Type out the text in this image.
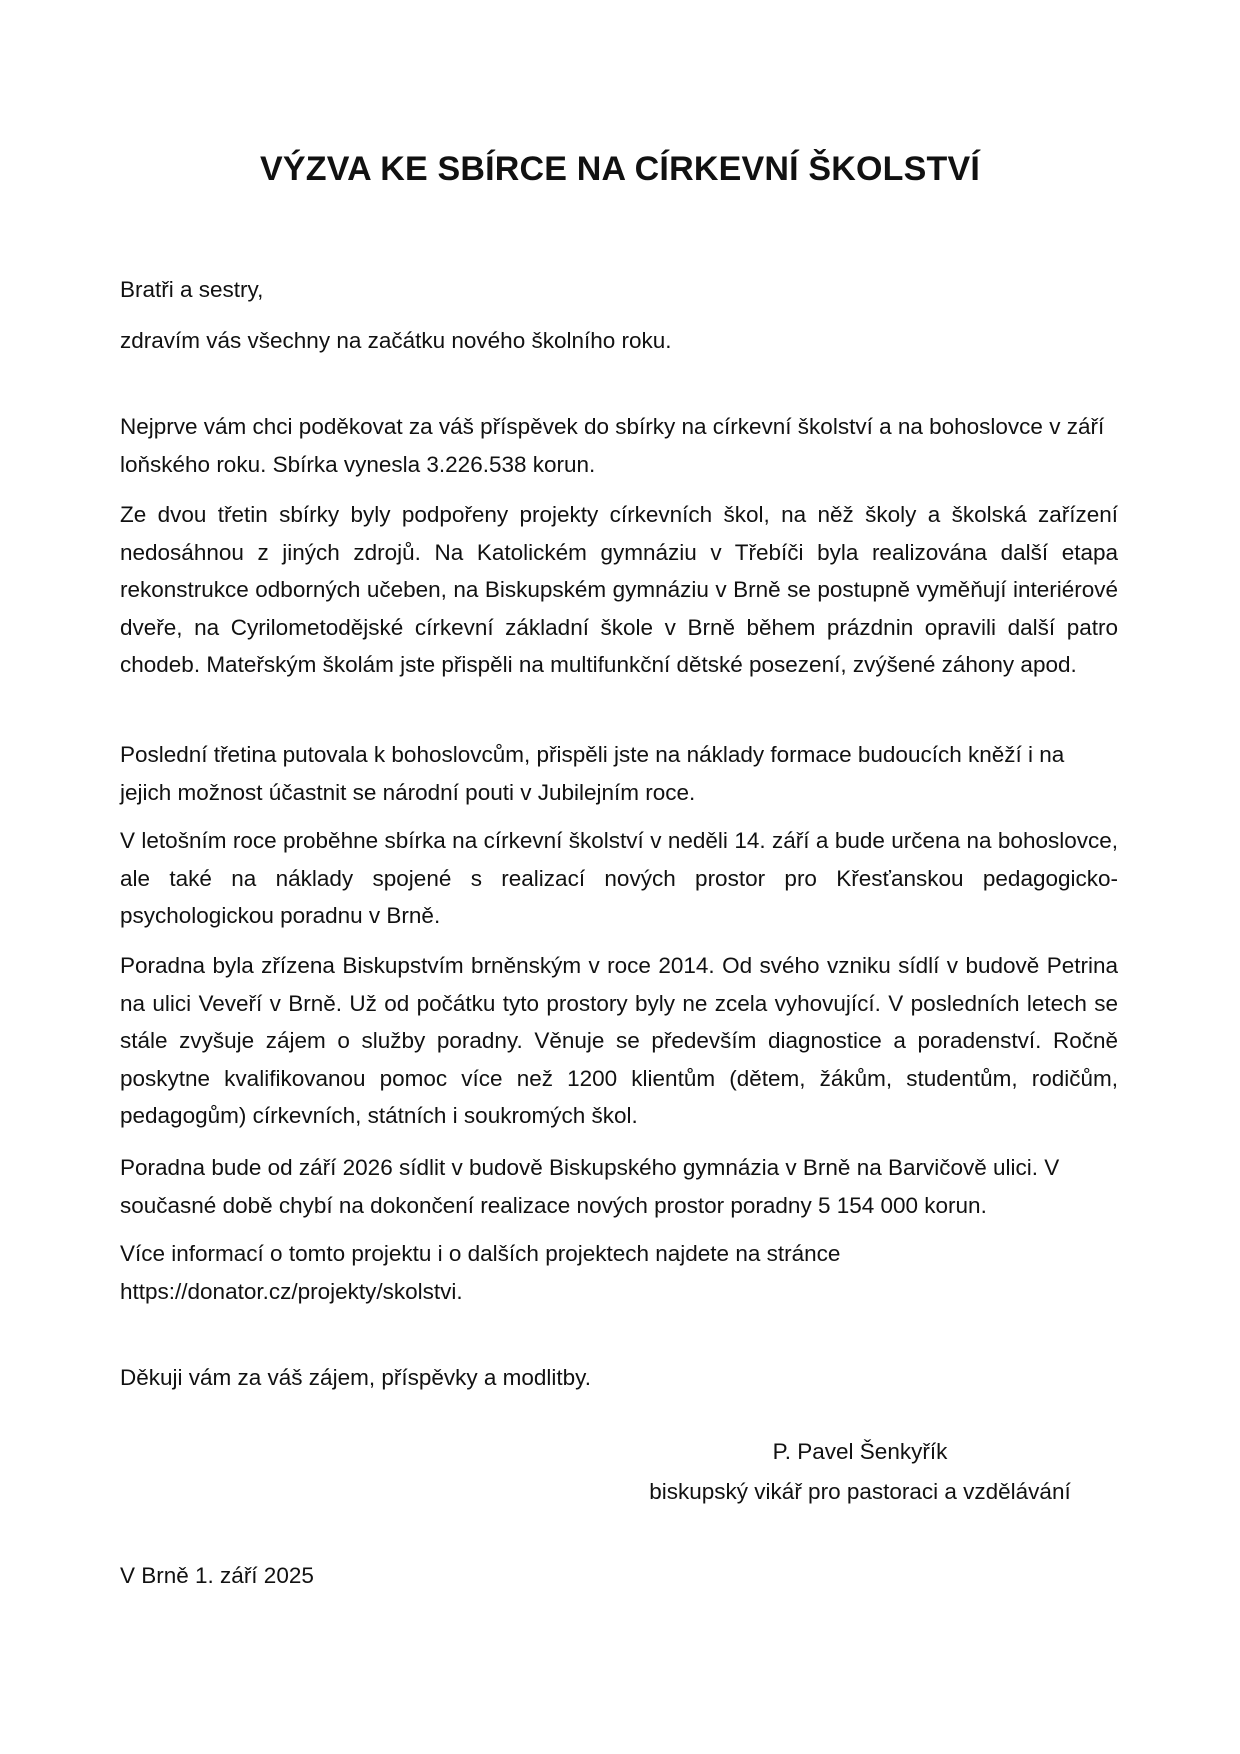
VÝZVA KE SBÍRCE NA CÍRKEVNÍ ŠKOLSTVÍ
Bratři a sestry,
zdravím vás všechny na začátku nového školního roku.

Nejprve vám chci poděkovat za váš příspěvek do sbírky na církevní školství a na bohoslovce v září loňského roku. Sbírka vynesla 3.226.538 korun.

Ze dvou třetin sbírky byly podpořeny projekty církevních škol, na něž školy a školská zařízení nedosáhnou z jiných zdrojů. Na Katolickém gymnáziu v Třebíči byla realizována další etapa rekonstrukce odborných učeben, na Biskupském gymnáziu v Brně se postupně vyměňují interiérové dveře, na Cyrilometodějské církevní základní škole v Brně během prázdnin opravili další patro chodeb. Mateřským školám jste přispěli na multifunkční dětské posezení, zvýšené záhony apod.

Poslední třetina putovala k bohoslovcům, přispěli jste na náklady formace budoucích kněží i na jejich možnost účastnit se národní pouti v Jubilejním roce.

V letošním roce proběhne sbírka na církevní školství v neděli 14. září a bude určena na bohoslovce, ale také na náklady spojené s realizací nových prostor pro Křesťanskou pedagogicko-psychologickou poradnu v Brně.

Poradna byla zřízena Biskupstvím brněnským v roce 2014. Od svého vzniku sídlí v budově Petrina na ulici Veveří v Brně. Už od počátku tyto prostory byly ne zcela vyhovující. V posledních letech se stále zvyšuje zájem o služby poradny. Věnuje se především diagnostice a poradenství. Ročně poskytne kvalifikovanou pomoc více než 1200 klientům (dětem, žákům, studentům, rodičům, pedagogům) církevních, státních i soukromých škol.

Poradna bude od září 2026 sídlit v budově Biskupského gymnázia v Brně na Barvičově ulici. V současné době chybí na dokončení realizace nových prostor poradny 5 154 000 korun.

Více informací o tomto projektu i o dalších projektech najdete na stránce https://donator.cz/projekty/skolstvi.

Děkuji vám za váš zájem, příspěvky a modlitby.
P. Pavel Šenkyřík
biskupský vikář pro pastoraci a vzdělávání
V Brně 1. září 2025
